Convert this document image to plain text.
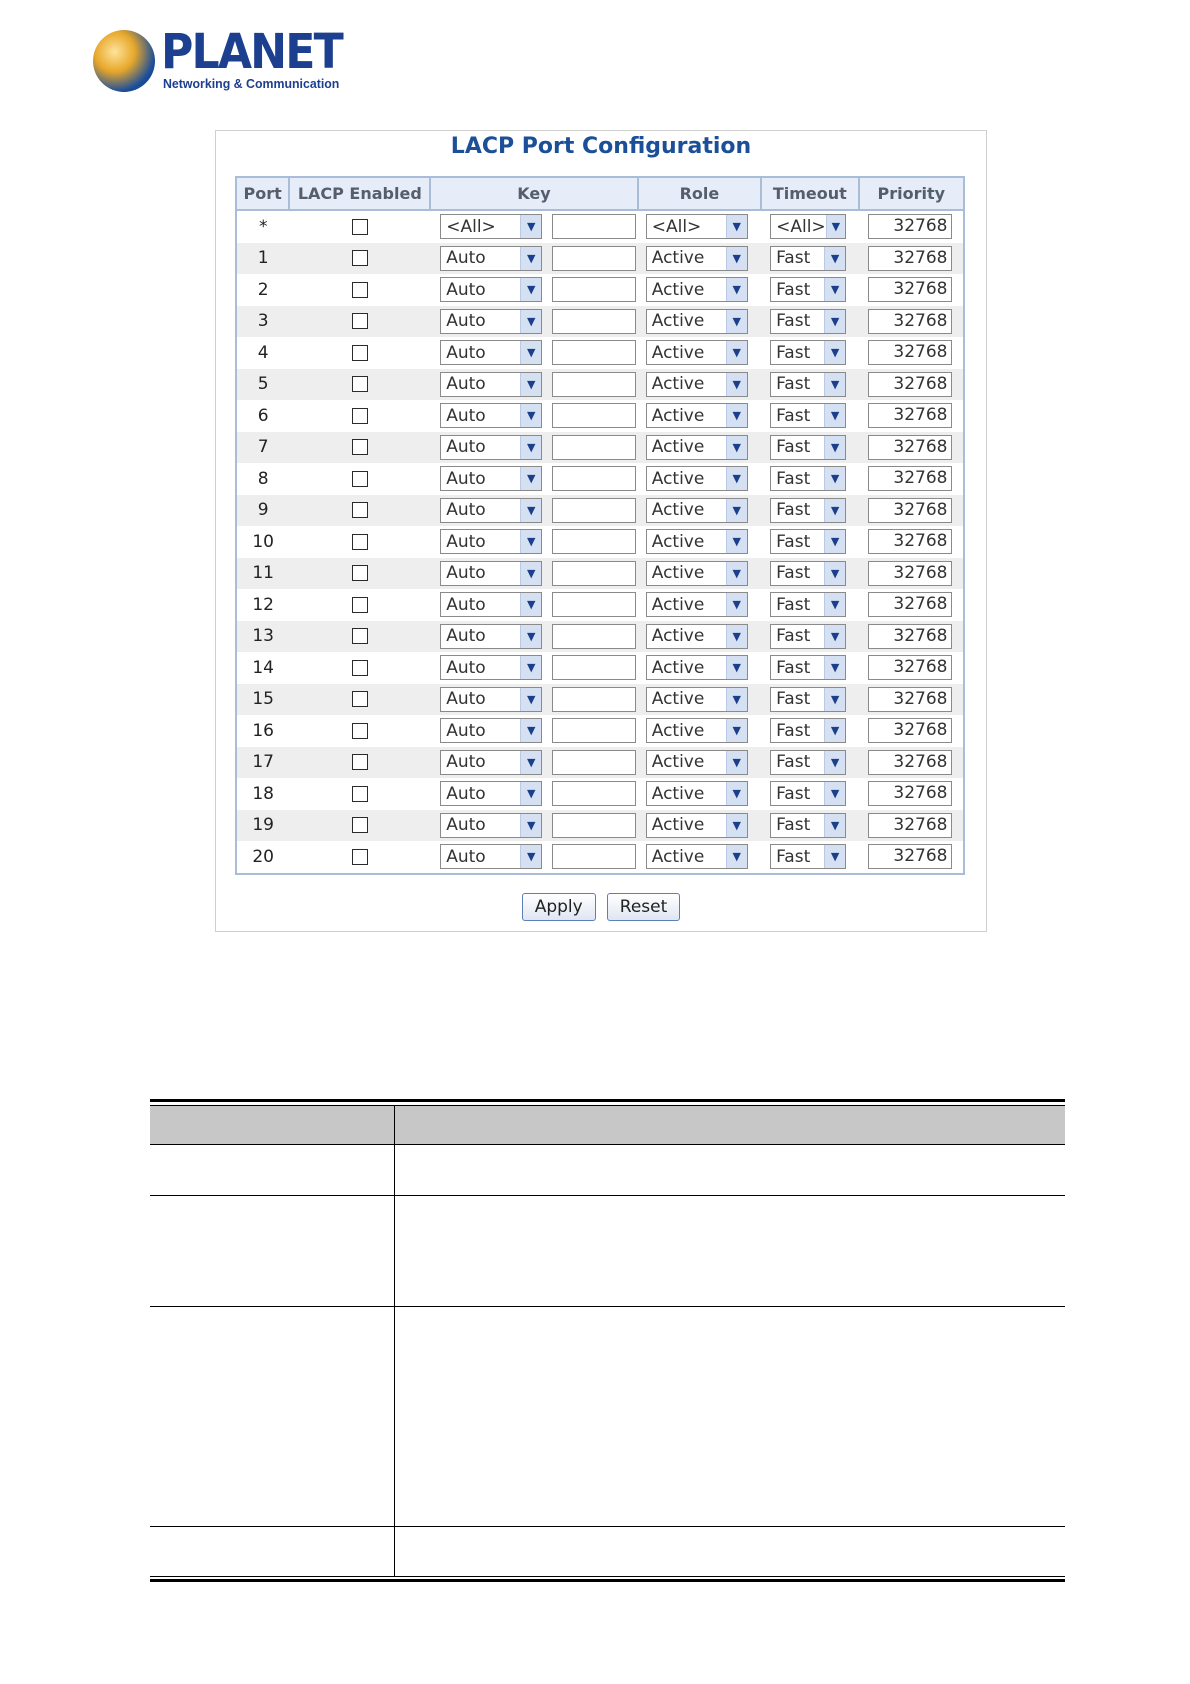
PLANET
Networking & Communication
LACP Port Configuration
Port	LACP Enabled	Key	Role	Timeout	Priority
*		<All> ▼	<All> ▼	<All> ▼	32768
1		Auto ▼	Active ▼	Fast ▼	32768
2		Auto ▼	Active ▼	Fast ▼	32768
3		Auto ▼	Active ▼	Fast ▼	32768
4		Auto ▼	Active ▼	Fast ▼	32768
5		Auto ▼	Active ▼	Fast ▼	32768
6		Auto ▼	Active ▼	Fast ▼	32768
7		Auto ▼	Active ▼	Fast ▼	32768
8		Auto ▼	Active ▼	Fast ▼	32768
9		Auto ▼	Active ▼	Fast ▼	32768
10		Auto ▼	Active ▼	Fast ▼	32768
11		Auto ▼	Active ▼	Fast ▼	32768
12		Auto ▼	Active ▼	Fast ▼	32768
13		Auto ▼	Active ▼	Fast ▼	32768
14		Auto ▼	Active ▼	Fast ▼	32768
15		Auto ▼	Active ▼	Fast ▼	32768
16		Auto ▼	Active ▼	Fast ▼	32768
17		Auto ▼	Active ▼	Fast ▼	32768
18		Auto ▼	Active ▼	Fast ▼	32768
19		Auto ▼	Active ▼	Fast ▼	32768
20		Auto ▼	Active ▼	Fast ▼	32768
Apply Reset
